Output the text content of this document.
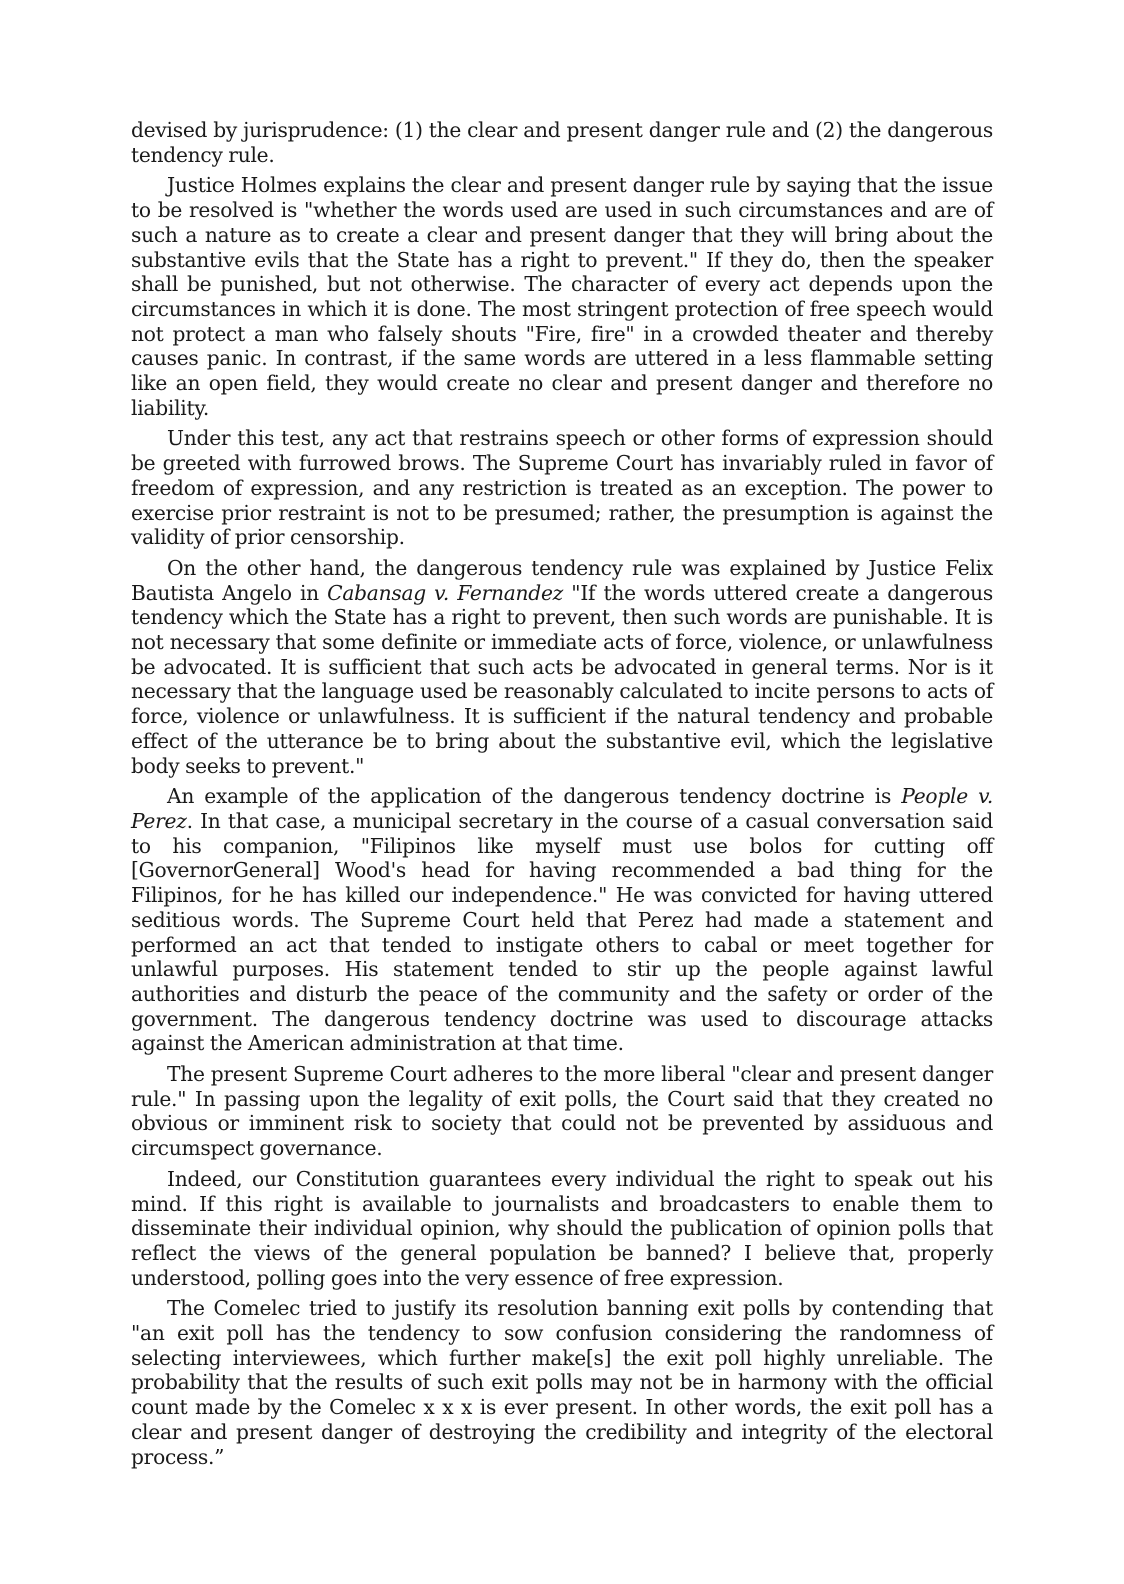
devised by jurisprudence: (1) the clear and present danger rule and (2) the dangerous tendency rule.

Justice Holmes explains the clear and present danger rule by saying that the issue to be resolved is "whether the words used are used in such circumstances and are of such a nature as to create a clear and present danger that they will bring about the substantive evils that the State has a right to prevent." If they do, then the speaker shall be punished, but not otherwise. The character of every act depends upon the circumstances in which it is done. The most stringent protection of free speech would not protect a man who falsely shouts "Fire, fire" in a crowded theater and thereby causes panic. In contrast, if the same words are uttered in a less flammable setting like an open field, they would create no clear and present danger and therefore no liability.

Under this test, any act that restrains speech or other forms of expression should be greeted with furrowed brows. The Supreme Court has invariably ruled in favor of freedom of expression, and any restriction is treated as an exception. The power to exercise prior restraint is not to be presumed; rather, the presumption is against the validity of prior censorship.

On the other hand, the dangerous tendency rule was explained by Justice Felix Bautista Angelo in Cabansag v. Fernandez "If the words uttered create a dangerous tendency which the State has a right to prevent, then such words are punishable. It is not necessary that some definite or immediate acts of force, violence, or unlawfulness be advocated. It is sufficient that such acts be advocated in general terms. Nor is it necessary that the language used be reasonably calculated to incite persons to acts of force, violence or unlawfulness. It is sufficient if the natural tendency and probable effect of the utterance be to bring about the substantive evil, which the legislative body seeks to prevent."

An example of the application of the dangerous tendency doctrine is People v. Perez. In that case, a municipal secretary in the course of a casual conversation said to his companion, "Filipinos like myself must use bolos for cutting off [GovernorGeneral] Wood's head for having recommended a bad thing for the Filipinos, for he has killed our independence." He was convicted for having uttered seditious words. The Supreme Court held that Perez had made a statement and performed an act that tended to instigate others to cabal or meet together for unlawful purposes. His statement tended to stir up the people against lawful authorities and disturb the peace of the community and the safety or order of the government. The dangerous tendency doctrine was used to discourage attacks against the American administration at that time.

The present Supreme Court adheres to the more liberal "clear and present danger rule." In passing upon the legality of exit polls, the Court said that they created no obvious or imminent risk to society that could not be prevented by assiduous and circumspect governance.

Indeed, our Constitution guarantees every individual the right to speak out his mind. If this right is available to journalists and broadcasters to enable them to disseminate their individual opinion, why should the publication of opinion polls that reflect the views of the general population be banned? I believe that, properly understood, polling goes into the very essence of free expression.

The Comelec tried to justify its resolution banning exit polls by contending that "an exit poll has the tendency to sow confusion considering the randomness of selecting interviewees, which further make[s] the exit poll highly unreliable. The probability that the results of such exit polls may not be in harmony with the official count made by the Comelec x x x is ever present. In other words, the exit poll has a clear and present danger of destroying the credibility and integrity of the electoral process.”
